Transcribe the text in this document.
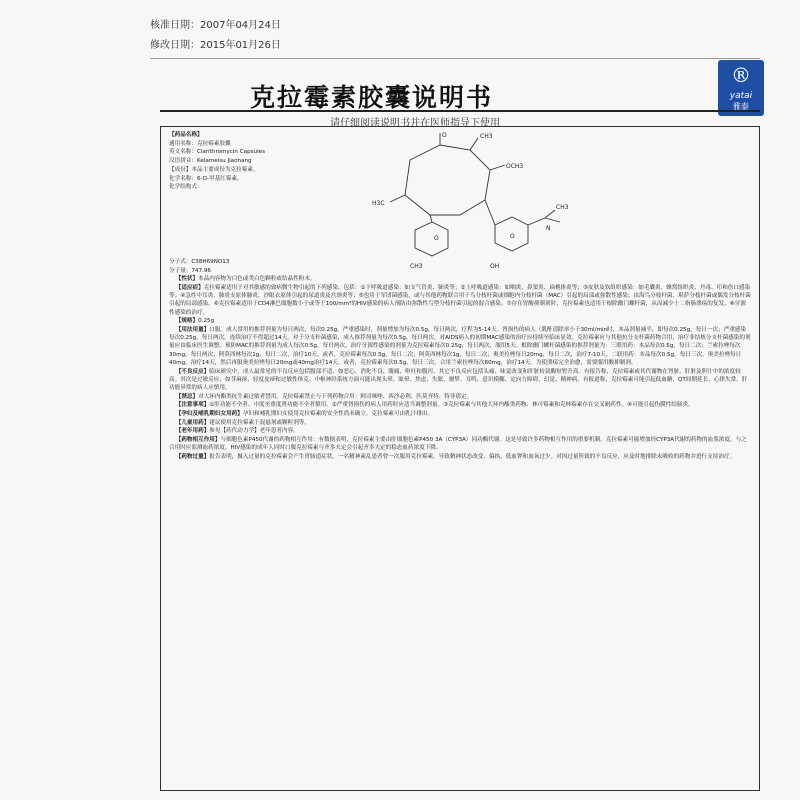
核准日期：2007年04月24日
修改日期：2015年01月26日
克拉霉素胶囊说明书
®
yatai
雅泰
请仔细阅读说明书并在医师指导下使用
【药品名称】
通用名称：克拉霉素胶囊
英文名称：Clarithromycin Capsules
汉语拼音：Kelameisu Jiaonang
【成份】本品主要成份为克拉霉素。
化学名称：6-O-甲基红霉素。
化学结构式：
分子式：C38H69NO13
分子量：747.96
【性状】本品内容物为白色或类白色颗粒或结晶性粉末。
【适应症】克拉霉素适用于对其敏感的致病微生物引起的下列感染，包括：①下呼吸道感染：如支气管炎、肺炎等；②上呼吸道感染：如咽炎、鼻窦炎、扁桃体炎等；③皮肤及软组织感染：如毛囊炎、蜂窝组织炎、丹毒、疖和伤口感染等；④急性中耳炎、肺炎支原体肺炎、沙眼衣原体引起的尿道炎及宫颈炎等；⑤也用于军团菌感染，或与其他药物联合用于鸟分枝杆菌或细胞内分枝杆菌（MAC）引起的局部或弥散性感染；由海鸟分枝杆菌、堪萨分枝杆菌或偶发分枝杆菌引起的局部感染。⑥克拉霉素适用于CD4淋巴细胞数小于或等于100/mm³的HIV感染的病人预防由弥散性鸟型分枝杆菌引起的混合感染。⑦存在胃酸抑制剂时，克拉霉素也适用于根除幽门螺杆菌，从而减少十二指肠溃疡的复发。⑧牙源性感染的治疗。
【规格】0.25g
【用法用量】口服。成人常用的推荐剂量为每日两次，每次0.25g，严重感染时，剂量增加为每次0.5g，每日两次，疗程为5-14天。肾损伤的病人（肌酐清除率小于30ml/min时，本品剂量减半，即每次0.25g，每日一次；严重感染每次0.25g，每日两次，连续治疗不得超过14天。对于分支杆菌感染，成人推荐剂量为每次0.5g，每日两次。对AIDS病人的初期MAC感染的治疗应持续至临床显效。克拉霉素应与其他抗分支杆菌药物合用，治疗非结核分支杆菌感染的剂量应由临床医生调整。预防MAC的推荐剂量为成人每次0.5g，每日两次。治疗牙源性感染的剂量为克拉霉素每次0.25g，每日两次，服用5天。根除幽门螺杆菌感染的推荐剂量为：三联用药：本品每次0.5g，每日二次；兰索拉唑每次30mg，每日两次；阿莫西林每次1g，每日二次，治疗10天。或者，克拉霉素每次0.5g，每日二次；阿莫西林每次1g，每日二次；奥美拉唑每日20mg，每日二次，治疗7-10天。二联用药：本品每次0.5g，每日三次，奥美拉唑每日40mg，治疗14天，然后再服奥美拉唑每日20mg或40mg治疗14天。或者，克拉霉素每次0.5g，每日三次，合用兰索拉唑每次60mg，治疗14天。为使溃疡完全治愈，需要服用酸抑制剂。
【不良反应】临床研究中，成人最常见的不良反应包括腹部不适、如恶心、消化不良、腹痛、呕吐和腹泻。其它不良反应包括头痛、味觉改变和肝脏转氨酶短暂升高。有报告称，克拉霉素或其代谢物在肾脏、肝脏及胆汁中的浓度较高。其次是过敏反应，如荨麻疹、轻度皮疹和过敏性休克。中枢神经系统方面可能出现头晕、眩晕、焦虑、失眠、噩梦、耳鸣、意识模糊、定向力障碍、幻觉、精神病。有报道称，克拉霉素可能引起低血糖、QT间期延长、心律失常。肝功能异常的病人应慎用。
【禁忌】对大环内酯类抗生素过敏者禁用。克拉霉素禁止与下列药物合用：阿司咪唑、西沙必利、匹莫齐特、特非那定。
【注意事项】①肝功能不全者、中度至重度肾功能不全者慎用。②严重肾损伤的病人用药时应适当调整剂量。③克拉霉素与其他大环内酯类药物、林可霉素和克林霉素存在交叉耐药性。④可能引起伪膜性结肠炎。
【孕妇及哺乳期妇女用药】孕妇和哺乳期妇女使用克拉霉素的安全性尚未确立。克拉霉素可由乳汁排出。
【儿童用药】建议使用克拉霉素干混悬剂或颗粒剂等。
【老年用药】参见【药代动力学】老年患者内容。
【药物相互作用】与细胞色素P450代谢的药物相互作用：有数据表明，克拉霉素主要由肝细胞色素P450 3A（CYP3A）同功酶代谢。这是导致许多药物相互作用的重要机制。克拉霉素可能增加经CYP3A代谢的药物的血浆浓度，与之合用时应监测血药浓度。HIV感染的成年人同时口服克拉霉素与齐多夫定会引起齐多夫定的稳态血药浓度下降。
【药物过量】报告表明，摄入过量的克拉霉素会产生胃肠道症状。一名精神紊乱患者曾一次服用克拉霉素，导致精神状态改变、偏执、低血钾和血氧过少。对因过量所致的不良反应，应及时地排除未吸收的药物并进行支持治疗。
O	CH3
OCH3
H3C
O	O
CH3
N
CH3	OH
